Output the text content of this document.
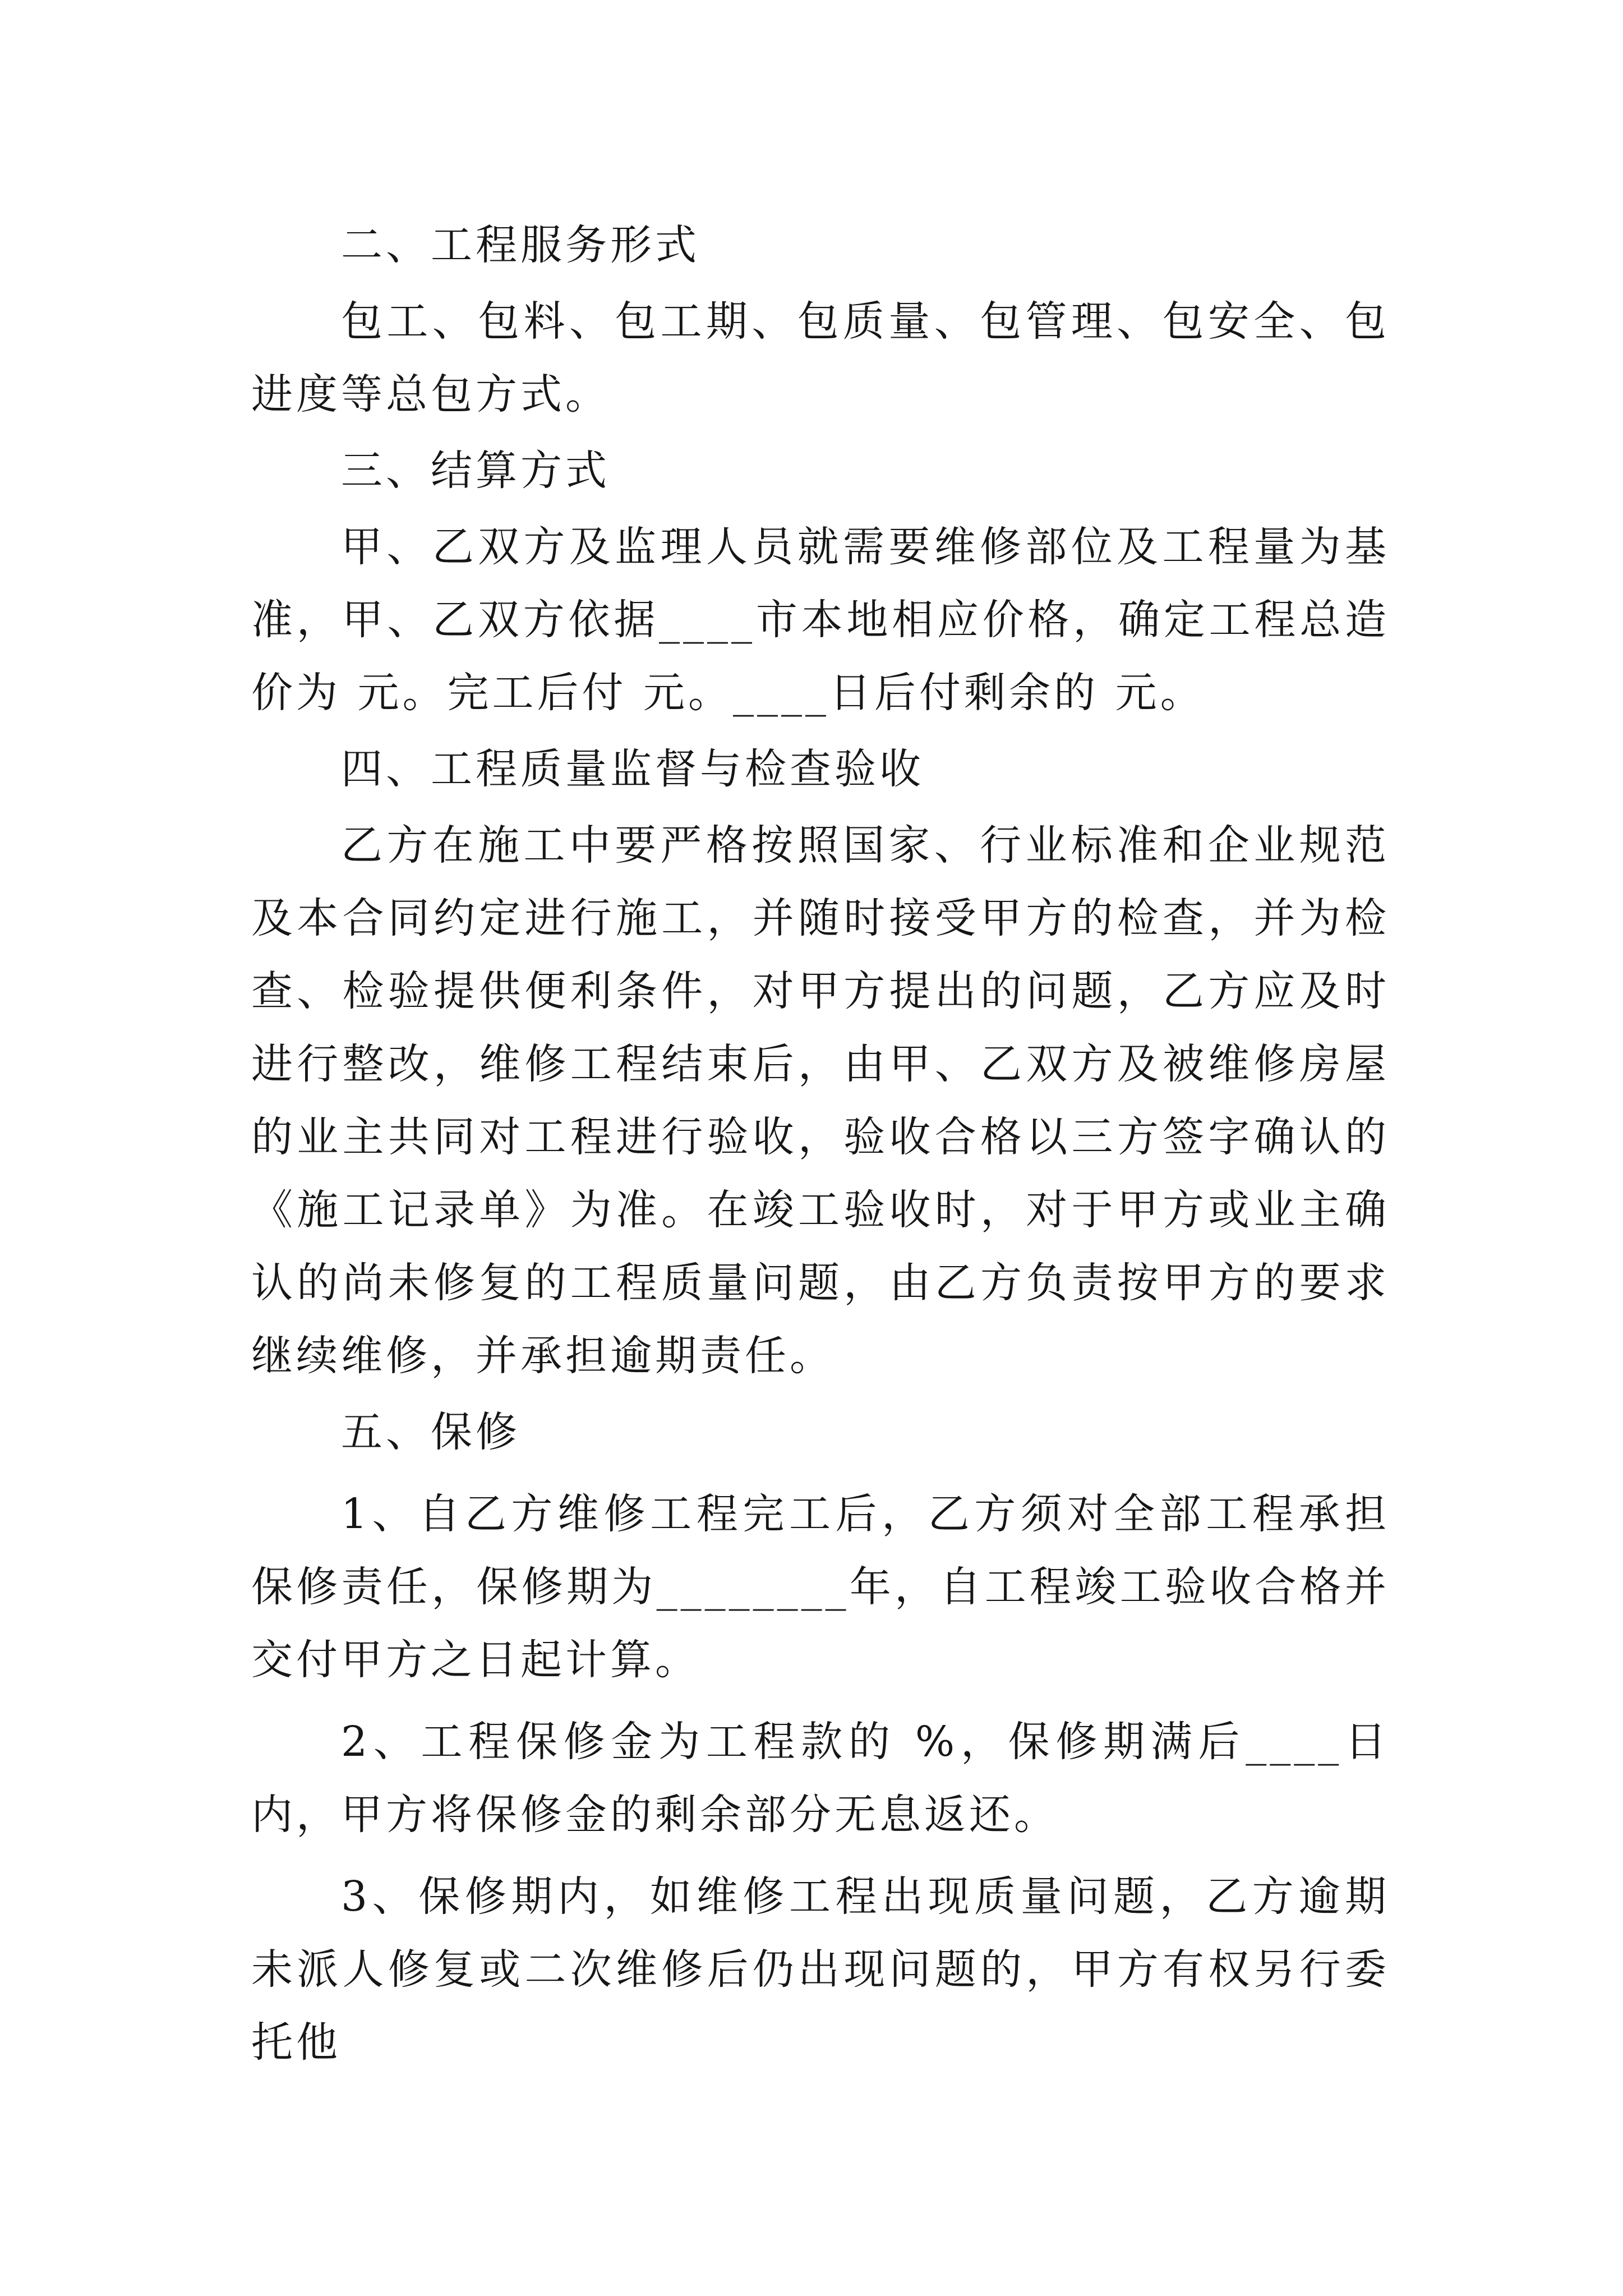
二、工程服务形式

包工、包料、包工期、包质量、包管理、包安全、包进度等总包方式。

三、结算方式

甲、乙双方及监理人员就需要维修部位及工程量为基准，甲、乙双方依据____市本地相应价格，确定工程总造价为 元。完工后付 元。____日后付剩余的 元。

四、工程质量监督与检查验收

乙方在施工中要严格按照国家、行业标准和企业规范及本合同约定进行施工，并随时接受甲方的检查，并为检查、检验提供便利条件，对甲方提出的问题，乙方应及时进行整改，维修工程结束后，由甲、乙双方及被维修房屋的业主共同对工程进行验收，验收合格以三方签字确认的《施工记录单》为准。在竣工验收时，对于甲方或业主确认的尚未修复的工程质量问题，由乙方负责按甲方的要求继续维修，并承担逾期责任。

五、保修

1、自乙方维修工程完工后，乙方须对全部工程承担保修责任，保修期为________年，自工程竣工验收合格并交付甲方之日起计算。

2、工程保修金为工程款的 %，保修期满后____日内，甲方将保修金的剩余部分无息返还。

3、保修期内，如维修工程出现质量问题，乙方逾期未派人修复或二次维修后仍出现问题的，甲方有权另行委托他
